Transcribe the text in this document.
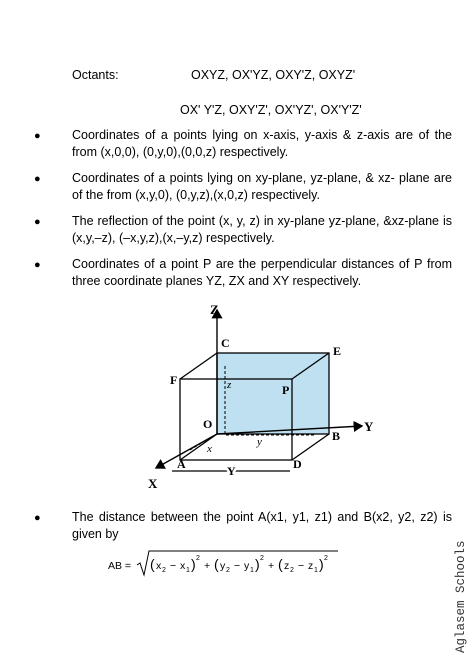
Octants:	OXYZ, OX'YZ, OXY'Z, OXYZ'
OX' Y'Z, OXY'Z', OX'YZ', OX'Y'Z'
●	Coordinates of a points lying on x-axis, y-axis & z-axis are of the from (x,0,0), (0,y,0),(0,0,z) respectively.
●	Coordinates of a points lying on xy-plane, yz-plane, & xz- plane are of the from (x,y,0), (0,y,z),(x,0,z) respectively.
●	The reflection of the point (x, y, z) in xy-plane yz-plane, &xz-plane is (x,y,–z), (–x,y,z),(x,–y,z) respectively.
●	Coordinates of a point P are the perpendicular distances of P from three coordinate planes YZ, ZX and XY respectively.
●	The distance between the point A(x1, y1, z1) and B(x2, y2, z2) is given by
Z
C
E
F
P
z
O
y
x
B
Y
A	D
Y
X
AB = ( x 2 − x 1 ) 2
+ ( y 2 − y 1 ) 2
+ ( z 2 − z 1 ) 2	Aglasem Schools
